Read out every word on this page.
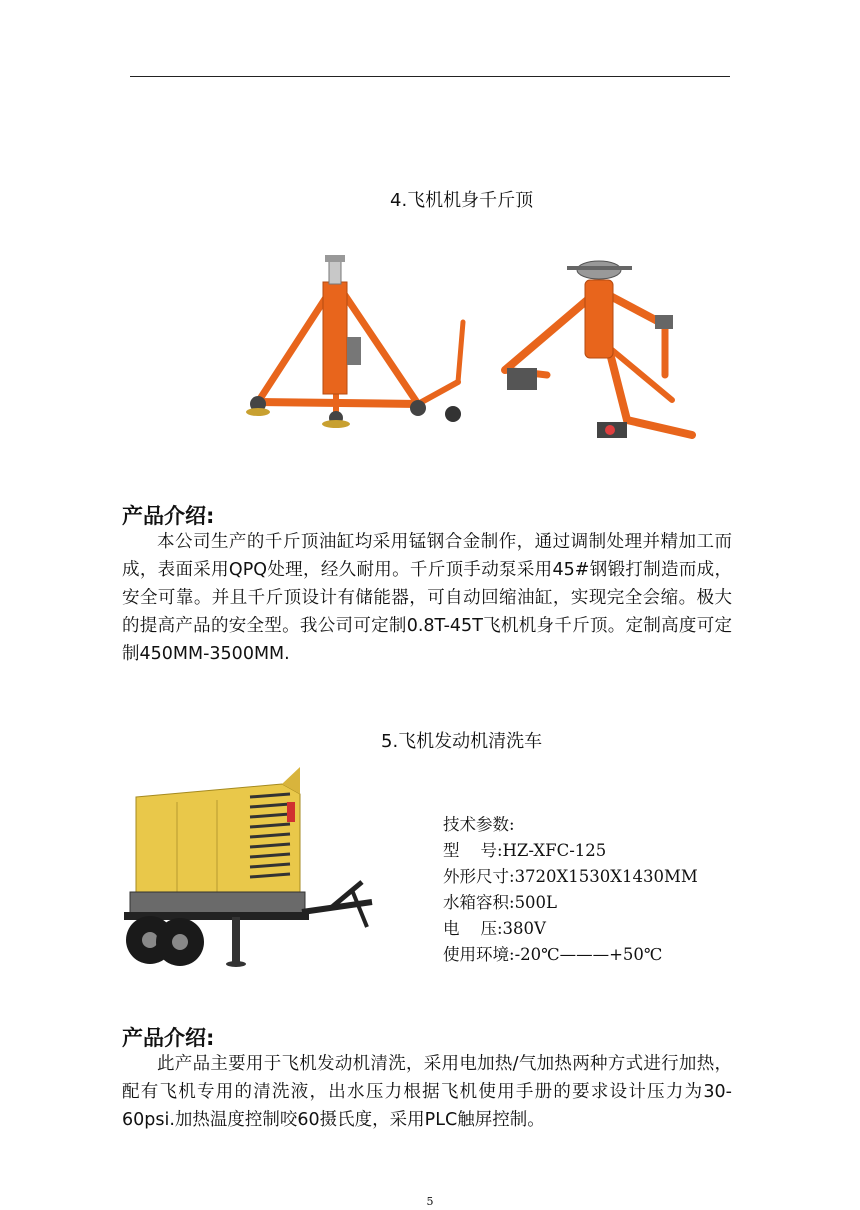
4.飞机机身千斤顶
产品介绍:

本公司生产的千斤顶油缸均采用锰钢合金制作，通过调制处理并精加工而成，表面采用QPQ处理，经久耐用。千斤顶手动泵采用45#钢锻打制造而成，安全可靠。并且千斤顶设计有储能器，可自动回缩油缸，实现完全会缩。极大的提高产品的安全型。我公司可定制0.8T-45T飞机机身千斤顶。定制高度可定制450MM-3500MM.

5.飞机发动机清洗车
技术参数:
型    号: HZ-XFC-125
外形尺寸: 3720X1530X1430MM
水箱容积: 500L
电    压: 380V
使用环境: -20℃———+50℃
产品介绍:

此产品主要用于飞机发动机清洗，采用电加热/气加热两种方式进行加热，配有飞机专用的清洗液，出水压力根据飞机使用手册的要求设计压力为30-60psi.加热温度控制咬60摄氏度，采用PLC触屏控制。

5
